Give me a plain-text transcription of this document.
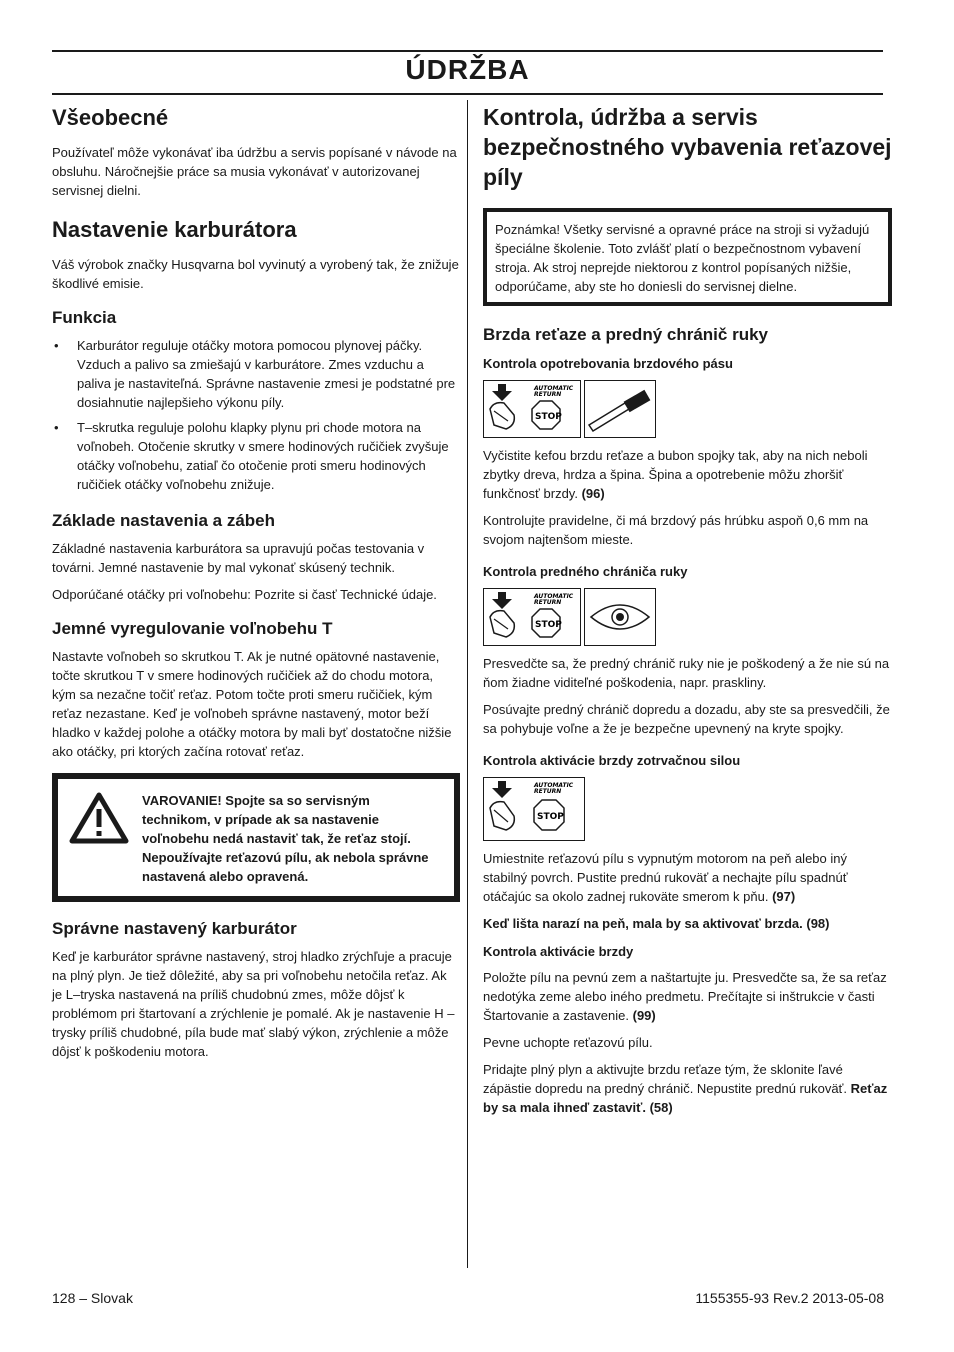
ÚDRŽBA
Všeobecné

Používateľ môže vykonávať iba údržbu a servis popísané v návode na obsluhu. Náročnejšie práce sa musia vykonávať v autorizovanej servisnej dielni.

Nastavenie karburátora

Váš výrobok značky Husqvarna bol vyvinutý a vyrobený tak, že znižuje škodlivé emisie.

Funkcia
• Karburátor reguluje otáčky motora pomocou plynovej páčky. Vzduch a palivo sa zmiešajú v karburátore. Zmes vzduchu a paliva je nastaviteľná. Správne nastavenie zmesi je podstatné pre dosiahnutie najlepšieho výkonu píly.
• T–skrutka reguluje polohu klapky plynu pri chode motora na voľnobeh. Otočenie skrutky v smere hodinových ručičiek zvyšuje otáčky voľnobehu, zatiaľ čo otočenie proti smeru hodinových ručičiek otáčky voľnobehu znižuje.
Základe nastavenia a zábeh

Základné nastavenia karburátora sa upravujú počas testovania v továrni. Jemné nastavenie by mal vykonať skúsený technik.

Odporúčané otáčky pri voľnobehu: Pozrite si časť Technické údaje.

Jemné vyregulovanie voľnobehu T

Nastavte voľnobeh so skrutkou T. Ak je nutné opätovné nastavenie, točte skrutkou T v smere hodinových ručičiek až do chodu motora, kým sa nezačne točiť reťaz. Potom točte proti smeru ručičiek, kým reťaz nezastane. Keď je voľnobeh správne nastavený, motor beží hladko v každej polohe a otáčky motora by mali byť dostatočne nižšie ako otáčky, pri ktorých začína rotovať reťaz.

VAROVANIE! Spojte sa so servisným technikom, v prípade ak sa nastavenie voľnobehu nedá nastaviť tak, že reťaz stojí. Nepoužívajte reťazovú pílu, ak nebola správne nastavená alebo opravená.

Správne nastavený karburátor

Keď je karburátor správne nastavený, stroj hladko zrýchľuje a pracuje na plný plyn. Je tiež dôležité, aby sa pri voľnobehu netočila reťaz. Ak je L–tryska nastavená na príliš chudobnú zmes, môže dôjsť k problémom pri štartovaní a zrýchlenie je pomalé. Ak je nastavenie H – trysky príliš chudobné, píla bude mať slabý výkon, zrýchlenie a môže dôjsť k poškodeniu motora.

Kontrola, údržba a servis bezpečnostného vybavenia reťazovej píly

Poznámka! Všetky servisné a opravné práce na stroji si vyžadujú špeciálne školenie. Toto zvlášť platí o bezpečnostnom vybavení stroja. Ak stroj neprejde niektorou z kontrol popísaných nižšie, odporúčame, aby ste ho doniesli do servisnej dielne.

Brzda reťaze a predný chránič ruky
Kontrola opotrebovania brzdového pásu
AUTOMATIC
RETURN
STOP

Vyčistite kefou brzdu reťaze a bubon spojky tak, aby na nich neboli zbytky dreva, hrdza a špina. Špina a opotrebenie môžu zhoršiť funkčnosť brzdy. (96)

Kontrolujte pravidelne, či má brzdový pás hrúbku aspoň 0,6 mm na svojom najtenšom mieste.

Kontrola predného chrániča ruky
AUTOMATIC
RETURN
STOP

Presvedčte sa, že predný chránič ruky nie je poškodený a že nie sú na ňom žiadne viditeľné poškodenia, napr. praskliny.

Posúvajte predný chránič dopredu a dozadu, aby ste sa presvedčili, že sa pohybuje voľne a že je bezpečne upevnený na kryte spojky.

Kontrola aktivácie brzdy zotrvačnou silou
AUTOMATIC
RETURN
STOP

Umiestnite reťazovú pílu s vypnutým motorom na peň alebo iný stabilný povrch. Pustite prednú rukoväť a nechajte pílu spadnúť otáčajúc sa okolo zadnej rukoväte smerom k pňu. (97)

Keď lišta narazí na peň, mala by sa aktivovať brzda. (98)

Kontrola aktivácie brzdy

Položte pílu na pevnú zem a naštartujte ju. Presvedčte sa, že sa reťaz nedotýka zeme alebo iného predmetu. Prečítajte si inštrukcie v časti Štartovanie a zastavenie. (99)

Pevne uchopte reťazovú pílu.

Pridajte plný plyn a aktivujte brzdu reťaze tým, že sklonite ľavé zápästie dopredu na predný chránič. Nepustite prednú rukoväť. Reťaz by sa mala ihneď zastaviť. (58)

128 – Slovak	1155355-93 Rev.2 2013-05-08
